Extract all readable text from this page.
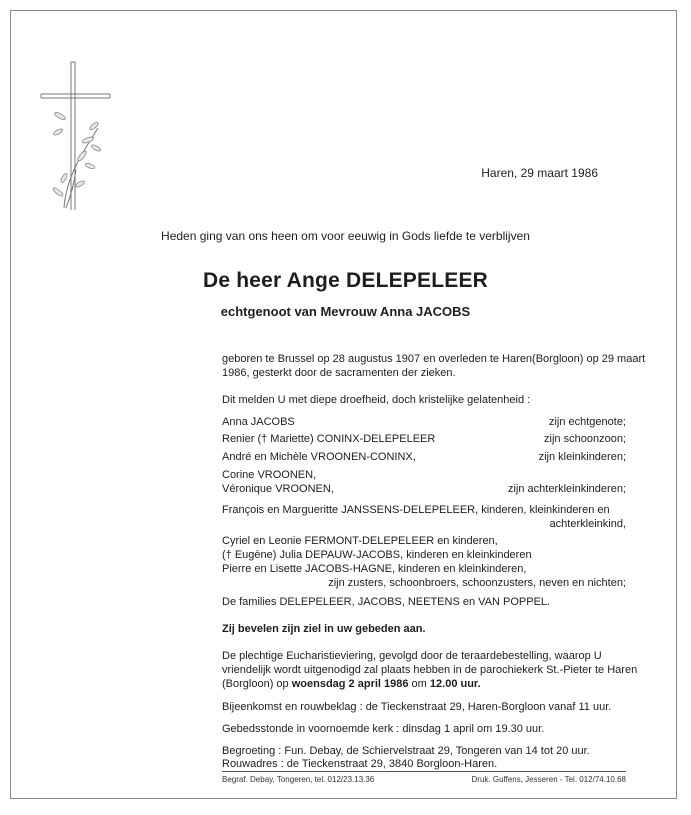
Haren, 29 maart 1986
Heden ging van ons heen om voor eeuwig in Gods liefde te verblijven
De heer Ange DELEPELEER
echtgenoot van Mevrouw Anna JACOBS
geboren te Brussel op 28 augustus 1907 en overleden te Haren(Borgloon) op 29 maart
1986, gesterkt door de sacramenten der zieken.
Dit melden U met diepe droefheid, doch kristelijke gelatenheid :
Anna JACOBS	zijn echtgenote;
Renier († Mariette) CONINX-DELEPELEER	zijn schoonzoon;
André en Michèle VROONEN-CONINX,	zijn kleinkinderen;
Corine VROONEN,
Véronique VROONEN,	zijn achterkleinkinderen;
François en Margueritte JANSSENS-DELEPELEER, kinderen, kleinkinderen en
achterkleinkind,
Cyriel en Leonie FERMONT-DELEPELEER en kinderen,
(† Eugène) Julia DEPAUW-JACOBS, kinderen en kleinkinderen
Pierre en Lisette JACOBS-HAGNE, kinderen en kleinkinderen,
zijn zusters, schoonbroers, schoonzusters, neven en nichten;
De families DELEPELEER, JACOBS, NEETENS en VAN POPPEL.
Zij bevelen zijn ziel in uw gebeden aan.
De plechtige Eucharistieviering, gevolgd door de teraardebestelling, waarop U
vriendelijk wordt uitgenodigd zal plaats hebben in de parochiekerk St.-Pieter te Haren
(Borgloon) op woensdag 2 april 1986 om 12.00 uur.
Bijeenkomst en rouwbeklag : de Tieckenstraat 29, Haren-Borgloon vanaf 11 uur.
Gebedsstonde in voornoemde kerk : dinsdag 1 april om 19.30 uur.
Begroeting : Fun. Debay, de Schiervelstraat 29, Tongeren van 14 tot 20 uur.
Rouwadres : de Tieckenstraat 29, 3840 Borgloon-Haren.
Begraf. Debay, Tongeren, tel. 012/23.13.36	Druk. Guffens, Jesseren - Tel. 012/74.10.68
